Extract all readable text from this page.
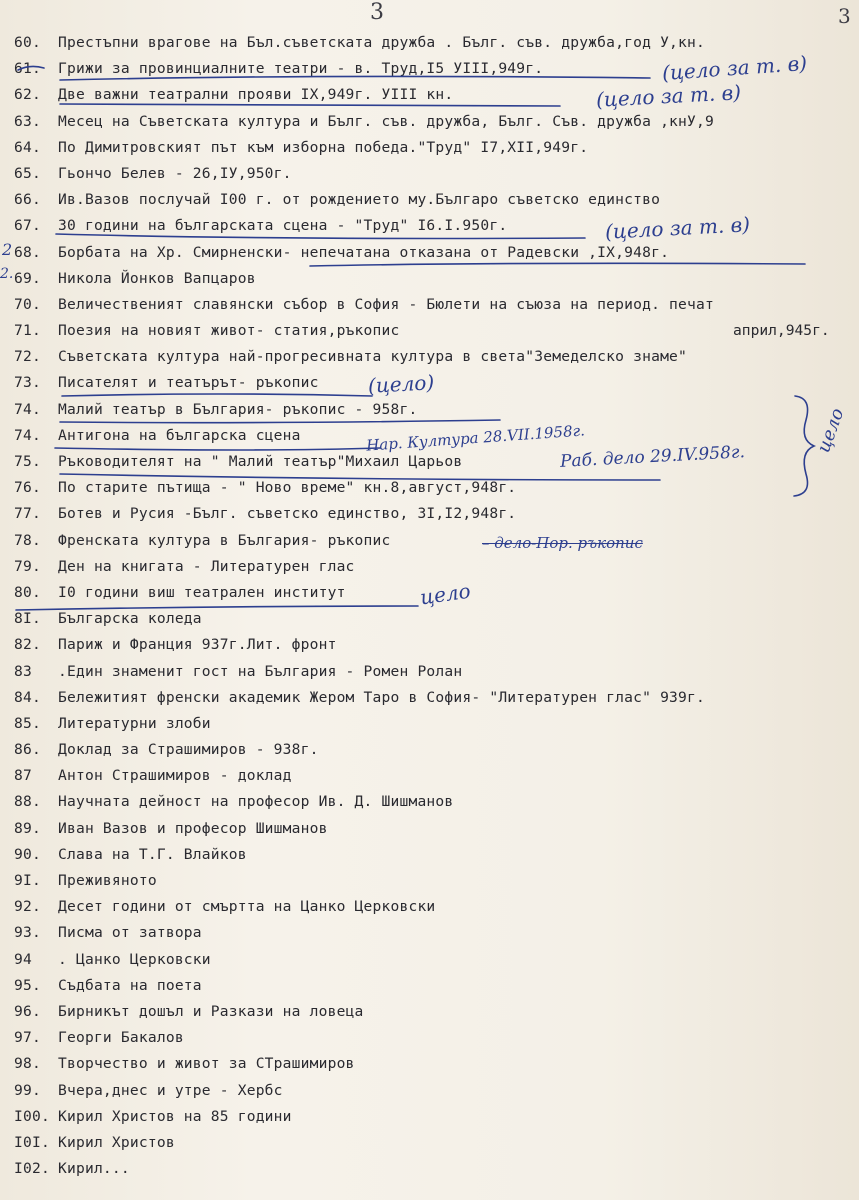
3	3
60. Престъпни врагове на Бъл.съветската дружба . Бълг. съв. дружба,год У,кн.
61. Грижи за провинциалните театри - в. Труд,I5 УIII,949г.
62. Две важни театрални прояви IX,949г. УIII кн.
63. Месец на Съветската култура и Бълг. съв. дружба, Бълг. Съв. дружба ,кнУ,9
64. По Димитровският път към изборна победа."Труд" I7,XII,949г.
65. Гьончо Белев - 26,IУ,950г.
66. Ив.Вазов послучай I00 г. от рождението му.Българо съветско единство
67. 30 години на българската сцена - "Труд" I6.I.950г.
68. Борбата на Хр. Смирненски- непечатана отказана от Радевски ,IX,948г.
69. Никола Йонков Вапцаров
70. Величественият славянски събор в София - Бюлети на съюза на период. печат
71. Поезия на новият живот- статия,ръкопис
72. Съветската култура най-прогресивната култура в света"Земеделско знаме"
73. Писателят и театърът- ръкопис
74. Малий театър в България- ръкопис - 958г.
74. Антигона на българска сцена
75. Ръководителят на " Малий театър"Михаил Царьов
76. По старите пътища - " Ново време" кн.8,август,948г.
77. Ботев и Русия -Бълг. съветско единство, 3I,I2,948г.
78. Френската култура в България- ръкопис
79. Ден на книгата - Литературен глас
80. I0 години виш театрален институт
8I. Българска коледа
82. Париж и Франция 937г.Лит. фронт
83 .Един знаменит гост на България - Ромен Ролан
84. Бележитият френски академик Жером Таро в София- "Литературен глас" 939г.
85. Литературни злоби
86. Доклад за Страшимиров - 938г.
87 Антон Страшимиров - доклад
88. Научната дейност на професор Ив. Д. Шишманов
89. Иван Вазов и професор Шишманов
90. Слава на Т.Г. Влайков
9I. Преживяното
92. Десет години от смъртта на Цанко Церковски
93. Писма от затвора
94 . Цанко Церковски
95. Съдбата на поета
96. Бирникът дошъл и Разкази на ловеца
97. Георги Бакалов
98. Творчество и живот за СТрашимиров
99. Вчера,днес и утре - Хербс
I00. Кирил Христов на 85 години
I0I. Кирил Христов
I02. Кирил...
април,945г.
(цело за т. в)
(цело за т. в)
(цело за т. в)
2
2.
(цело)
Нар. Култура 28.VII.1958г.
Раб. дело 29.IV.958г.
цело
– дело-Пор. ръкопис
цело
